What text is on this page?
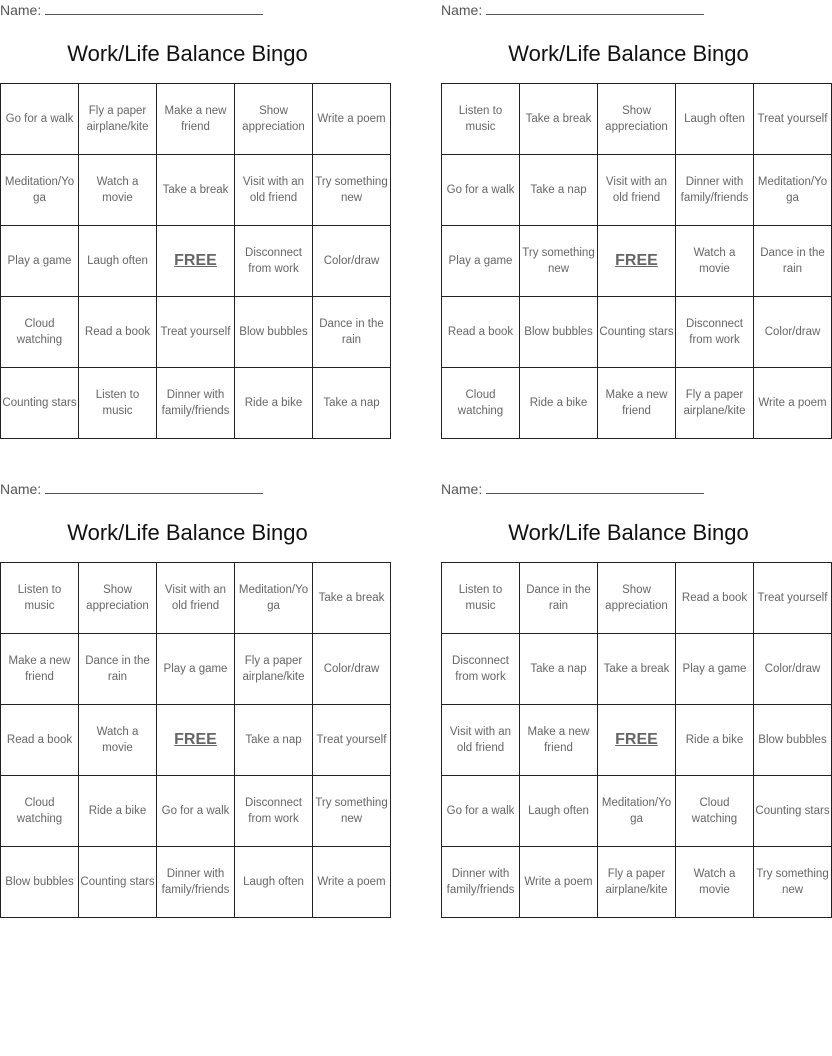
Name:
Work/Life Balance Bingo
Go for a walk	Fly a paper airplane/kite	Make a new friend	Show appreciation	Write a poem
Meditation/Yoga	Watch a movie	Take a break	Visit with an old friend	Try something new
Play a game	Laugh often	FREE	Disconnect from work	Color/draw
Cloud watching	Read a book	Treat yourself	Blow bubbles	Dance in the rain
Counting stars	Listen to music	Dinner with family/friends	Ride a bike	Take a nap
Name:
Work/Life Balance Bingo
Listen to music	Take a break	Show appreciation	Laugh often	Treat yourself
Go for a walk	Take a nap	Visit with an old friend	Dinner with family/friends	Meditation/Yoga
Play a game	Try something new	FREE	Watch a movie	Dance in the rain
Read a book	Blow bubbles	Counting stars	Disconnect from work	Color/draw
Cloud watching	Ride a bike	Make a new friend	Fly a paper airplane/kite	Write a poem
Name:
Work/Life Balance Bingo
Listen to music	Show appreciation	Visit with an old friend	Meditation/Yoga	Take a break
Make a new friend	Dance in the rain	Play a game	Fly a paper airplane/kite	Color/draw
Read a book	Watch a movie	FREE	Take a nap	Treat yourself
Cloud watching	Ride a bike	Go for a walk	Disconnect from work	Try something new
Blow bubbles	Counting stars	Dinner with family/friends	Laugh often	Write a poem
Name:
Work/Life Balance Bingo
Listen to music	Dance in the rain	Show appreciation	Read a book	Treat yourself
Disconnect from work	Take a nap	Take a break	Play a game	Color/draw
Visit with an old friend	Make a new friend	FREE	Ride a bike	Blow bubbles
Go for a walk	Laugh often	Meditation/Yoga	Cloud watching	Counting stars
Dinner with family/friends	Write a poem	Fly a paper airplane/kite	Watch a movie	Try something new
